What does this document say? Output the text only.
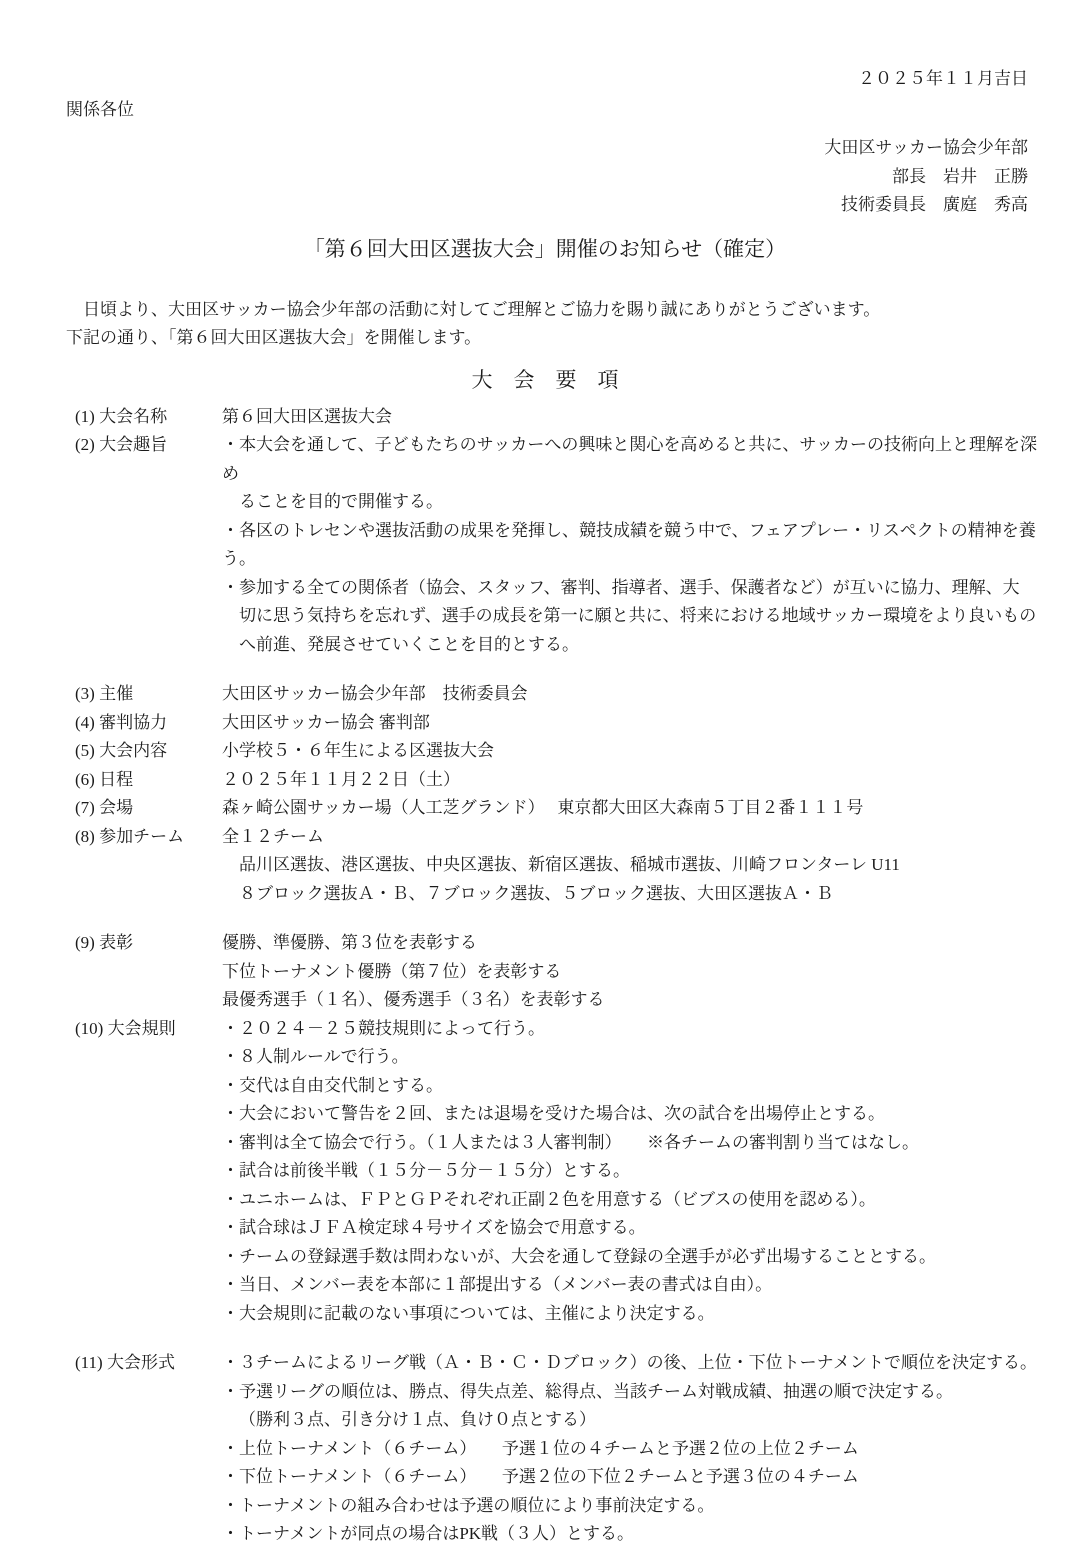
２０２５年１１月吉日
関係各位
大田区サッカー協会少年部
部長　岩井　正勝
技術委員長　廣庭　秀高
「第６回大田区選抜大会」開催のお知らせ（確定）
　日頃より、大田区サッカー協会少年部の活動に対してご理解とご協力を賜り誠にありがとうございます。
下記の通り、「第６回大田区選抜大会」を開催します。
大　会　要　項
(1) 大会名称	第６回大田区選抜大会
(2) 大会趣旨	・本大会を通して、子どもたちのサッカーへの興味と関心を高めると共に、サッカーの技術向上と理解を深め
ることを目的で開催する。
・各区のトレセンや選抜活動の成果を発揮し、競技成績を競う中で、フェアプレー・リスペクトの精神を養う。
・参加する全ての関係者（協会、スタッフ、審判、指導者、選手、保護者など）が互いに協力、理解、大
切に思う気持ちを忘れず、選手の成長を第一に願と共に、将来における地域サッカー環境をより良いもの
へ前進、発展させていくことを目的とする。
(3) 主催	大田区サッカー協会少年部　技術委員会
(4) 審判協力	大田区サッカー協会 審判部
(5) 大会内容	小学校５・６年生による区選抜大会
(6) 日程	２０２５年１１月２２日（土）
(7) 会場	森ヶ崎公園サッカー場（人工芝グランド）　 東京都大田区大森南５丁目２番１１１号
(8) 参加チーム	全１２チーム
品川区選抜、港区選抜、中央区選抜、新宿区選抜、稲城市選抜、川崎フロンターレ U11
８ブロック選抜Ａ・Ｂ、７ブロック選抜、５ブロック選抜、大田区選抜Ａ・Ｂ
(9) 表彰	優勝、準優勝、第３位を表彰する
下位トーナメント優勝（第７位）を表彰する
最優秀選手（１名）、優秀選手（３名）を表彰する
(10) 大会規則	・２０２４－２５競技規則によって行う。
・８人制ルールで行う。
・交代は自由交代制とする。
・大会において警告を２回、または退場を受けた場合は、次の試合を出場停止とする。
・審判は全て協会で行う。（１人または３人審判制）　　※各チームの審判割り当てはなし。
・試合は前後半戦（１５分－５分－１５分）とする。
・ユニホームは、ＦＰとＧＰそれぞれ正副２色を用意する（ビブスの使用を認める）。
・試合球はＪＦＡ検定球４号サイズを協会で用意する。
・チームの登録選手数は問わないが、大会を通して登録の全選手が必ず出場することとする。
・当日、メンバー表を本部に１部提出する（メンバー表の書式は自由）。
・大会規則に記載のない事項については、主催により決定する。
(11) 大会形式	・３チームによるリーグ戦（Ａ・Ｂ・Ｃ・Ｄブロック）の後、上位・下位トーナメントで順位を決定する。
・予選リーグの順位は、勝点、得失点差、総得点、当該チーム対戦成績、抽選の順で決定する。
（勝利３点、引き分け１点、負け０点とする）
・上位トーナメント（６チーム）　　予選１位の４チームと予選２位の上位２チーム
・下位トーナメント（６チーム）　　予選２位の下位２チームと予選３位の４チーム
・トーナメントの組み合わせは予選の順位により事前決定する。
・トーナメントが同点の場合はPK戦（３人）とする。
